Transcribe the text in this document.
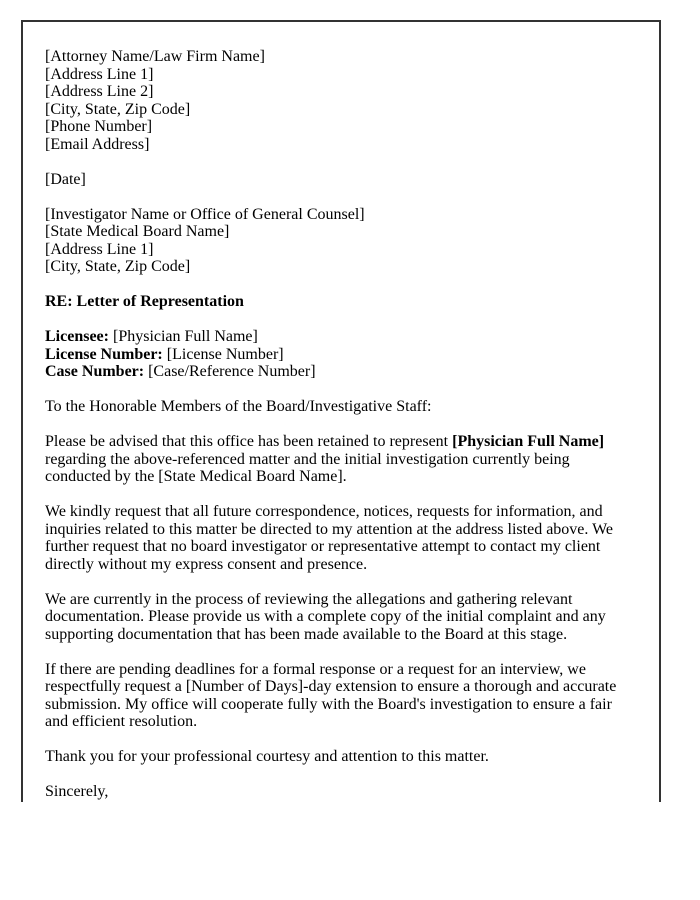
[Attorney Name/Law Firm Name]
[Address Line 1]
[Address Line 2]
[City, State, Zip Code]
[Phone Number]
[Email Address]
[Date]
[Investigator Name or Office of General Counsel]
[State Medical Board Name]
[Address Line 1]
[City, State, Zip Code]
RE: Letter of Representation
Licensee: [Physician Full Name]
License Number: [License Number]
Case Number: [Case/Reference Number]

To the Honorable Members of the Board/Investigative Staff:

Please be advised that this office has been retained to represent [Physician Full Name] regarding the above-referenced matter and the initial investigation currently being conducted by the [State Medical Board Name].

We kindly request that all future correspondence, notices, requests for information, and inquiries related to this matter be directed to my attention at the address listed above. We further request that no board investigator or representative attempt to contact my client directly without my express consent and presence.

We are currently in the process of reviewing the allegations and gathering relevant documentation. Please provide us with a complete copy of the initial complaint and any supporting documentation that has been made available to the Board at this stage.

If there are pending deadlines for a formal response or a request for an interview, we respectfully request a [Number of Days]-day extension to ensure a thorough and accurate submission. My office will cooperate fully with the Board's investigation to ensure a fair and efficient resolution.

Thank you for your professional courtesy and attention to this matter.

Sincerely,
